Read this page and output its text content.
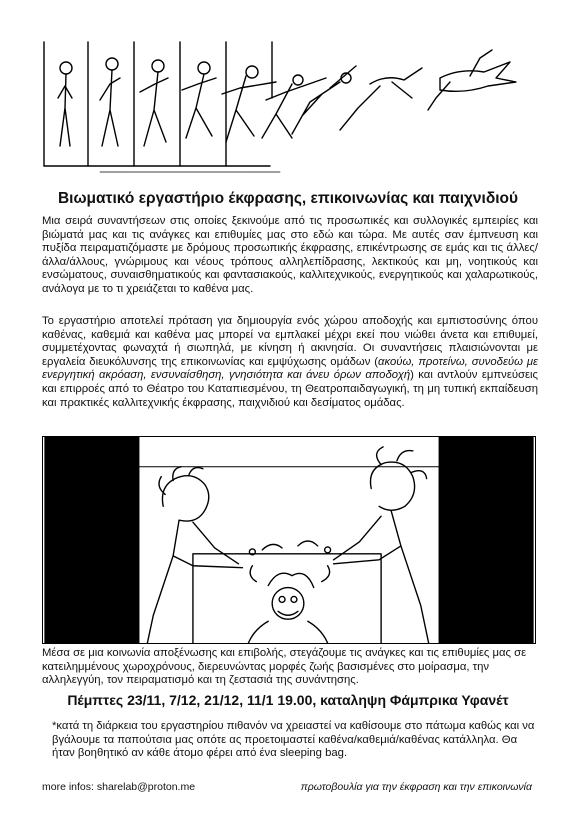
Βιωματικό εργαστήριο έκφρασης, επικοινωνίας και παιχνιδιού

Μια σειρά συναντήσεων στις οποίες ξεκινούμε από τις προσωπικές και συλλογικές εμπειρίες και βιώματά μας και τις ανάγκες και επιθυμίες μας στο εδώ και τώρα. Με αυτές σαν έμπνευση και πυξίδα πειραματιζόμαστε με δρόμους προσωπικής έκφρασης, επικέντρωσης σε εμάς και τις άλλες/άλλα/άλλους, γνώριμους και νέους τρόπους αλληλεπίδρασης, λεκτικούς και μη, νοητικούς και ενσώματους, συναισθηματικούς και φαντασιακούς, καλλιτεχνικούς, ενεργητικούς και χαλαρωτικούς, ανάλογα με το τι χρειάζεται το καθένα μας.

Το εργαστήριο αποτελεί πρόταση για δημιουργία ενός χώρου αποδοχής και εμπιστοσύνης όπου καθένας, καθεμιά και καθένα μας μπορεί να εμπλακεί μέχρι εκεί που νιώθει άνετα και επιθυμεί, συμμετέχοντας φωναχτά ή σιωπηλά, με κίνηση ή ακινησία. Οι συναντήσεις πλαισιώνονται με εργαλεία διευκόλυνσης της επικοινωνίας και εμψύχωσης ομάδων (ακούω, προτείνω, συνοδεύω με ενεργητική ακρόαση, ενσυναίσθηση, γνησιότητα και άνευ όρων αποδοχή) και αντλούν εμπνεύσεις και επιρροές από το Θέατρο του Καταπιεσμένου, τη Θεατροπαιδαγωγική, τη μη τυπική εκπαίδευση και πρακτικές καλλιτεχνικής έκφρασης, παιχνιδιού και δεσίματος ομάδας.

Μέσα σε μια κοινωνία αποξένωσης και επιβολής, στεγάζουμε τις ανάγκες και τις επιθυμίες μας σε κατειλημμένους χωροχρόνους, διερευνώντας μορφές ζωής βασισμένες στο μοίρασμα, την αλληλεγγύη, τον πειραματισμό και τη ζεστασιά της συνάντησης.

Πέμπτες 23/11, 7/12, 21/12, 11/1 19.00, καταληψη Φάμπρικα Υφανέτ

*κατά τη διάρκεια του εργαστηρίου πιθανόν να χρειαστεί να καθίσουμε στο πάτωμα καθώς και να βγάλουμε τα παπούτσια μας οπότε ας προετοιμαστεί καθένα/καθεμιά/καθένας κατάλληλα. Θα ήταν βοηθητικό αν κάθε άτομο φέρει από ένα sleeping bag.

more infos: sharelab@proton.me	πρωτοβουλία για την έκφραση και την επικοινωνία
